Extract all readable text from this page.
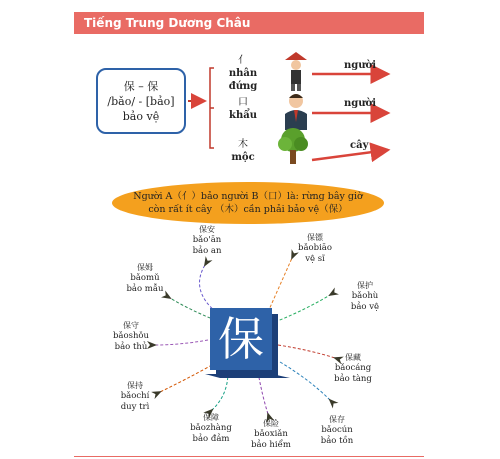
Tiếng Trung Dương Châu
保 – 保
/bǎo/ - [bảo]
bảo vệ
亻
nhân đứng
口
khẩu
木
mộc
người
người
cây
Người A（亻）bảo người B（口）là: rừng bây giờ
còn rất ít cây （木）cần phải bảo vệ（保）
保
保安
bǎo'ān
bảo an
保镖
bǎobiāo
vệ sĩ
保姆
bǎomǔ
bảo mẫu	保护
bǎohù
bảo vệ
保守
bǎoshǒu
bảo thủ
保藏
bǎocáng
bảo tàng
保持
bǎochí
duy trì
保存
bǎocún
bảo tồn
保障
bǎozhàng
bảo đảm
保险
bǎoxiǎn
bảo hiểm
